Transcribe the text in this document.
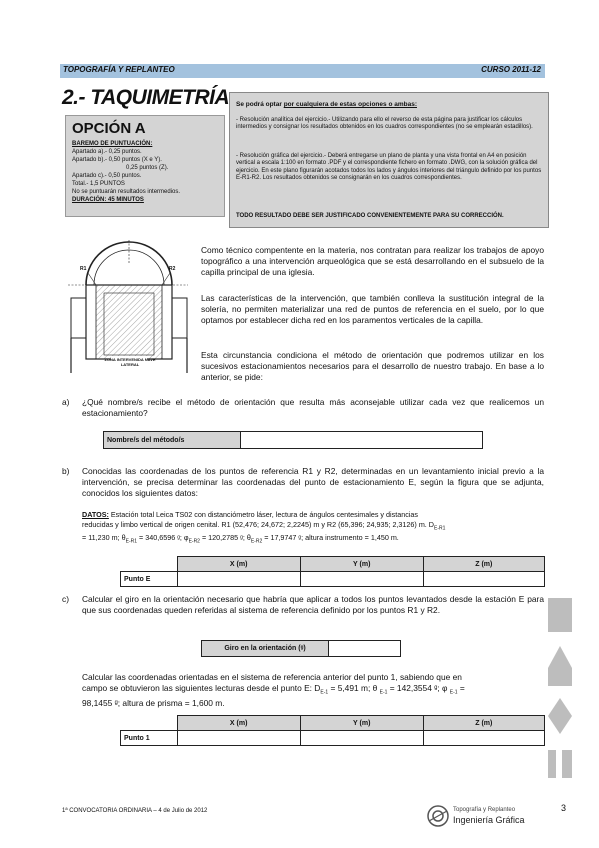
TOPOGRAFÍA Y REPLANTEO	CURSO 2011-12
2.- TAQUIMETRÍA
OPCIÓN A
BAREMO DE PUNTUACIÓN:
Apartado a).- 0,25 puntos.
Apartado b).- 0,50 puntos (X e Y).
0,25 puntos (Z).
Apartado c).- 0,50 puntos.
Total.- 1,5 PUNTOS
No se puntuarán resultados intermedios.
DURACIÓN: 45 MINUTOS
Se podrá optar por cualquiera de estas opciones o ambas:
- Resolución analítica del ejercicio.- Utilizando para ello el reverso de esta página para justificar los cálculos intermedios y consignar los resultados obtenidos en los cuadros correspondientes (no se emplearán estadillos).
- Resolución gráfica del ejercicio.- Deberá entregarse un plano de planta y una vista frontal en A4 en posición vertical a escala 1:100 en formato .PDF y el correspondiente fichero en formato .DWG, con la solución gráfica del ejercicio. En este plano figurarán acotados todos los lados y ángulos interiores del triángulo definido por los puntos E-R1-R2. Los resultados obtenidos se consignarán en los cuadros correspondientes.
TODO RESULTADO DEBE SER JUSTIFICADO CONVENIENTEMENTE PARA SU CORRECCIÓN.
R1	R2
ZONA INTERVENIDA NAVE LATERAL
Como técnico compentente en la materia, nos contratan para realizar los trabajos de apoyo topográfico a una intervención arqueológica que se está desarrollando en el subsuelo de la capilla principal de una iglesia.
Las características de la intervención, que también conlleva la sustitución integral de la solería, no permiten materializar una red de puntos de referencia en el suelo, por lo que optamos por establecer dicha red en los paramentos verticales de la capilla.
Esta circunstancia condiciona el método de orientación que podremos utilizar en los sucesivos estacionamientos necesarios para el desarrollo de nuestro trabajo. En base a lo anterior, se pide:
a) ¿Qué nombre/s recibe el método de orientación que resulta más aconsejable utilizar cada vez que realicemos un estacionamiento?
Nombre/s del método/s	
b) Conocidas las coordenadas de los puntos de referencia R1 y R2, determinadas en un levantamiento inicial previo a la intervención, se precisa determinar las coordenadas del punto de estacionamiento E, según la figura que se adjunta, conocidos los siguientes datos:
DATOS: Estación total Leica TS02 con distanciómetro láser, lectura de ángulos centesimales y distancias
reducidas y limbo vertical de origen cenital. R1 (52,476; 24,672; 2,2245) m y R2 (65,396; 24,935; 2,3126) m. $D_{E-R1}$
= 11,230 m; $\theta_{E-R1} = 340,6596$ ᵍ; $\varphi_{E-R2} = 120,2785$ ᵍ; $\theta_{E-R2} = 17,9747$ ᵍ; altura instrumento = 1,450 m.
	X (m)	Y (m)	Z (m)
Punto E			
c) Calcular el giro en la orientación necesario que habría que aplicar a todos los puntos levantados desde la estación E para que sus coordenadas queden referidas al sistema de referencia definido por los puntos R1 y R2.
Giro en la orientación (ᵍ)	
Calcular las coordenadas orientadas en el sistema de referencia anterior del punto 1, sabiendo que en
campo se obtuvieron las siguientes lecturas desde el punto E: $D_{E-1} = 5,491$ m; θ $_{E-1}$ = 142,3554 ᵍ; φ $_{E-1}$ =
98,1455 ᵍ; altura de prisma = 1,600 m.
	X (m)	Y (m)	Z (m)
Punto 1			
1ª CONVOCATORIA ORDINARIA – 4 de Julio de 2012	Topografía y Replanteo
Ingeniería Gráfica
3
